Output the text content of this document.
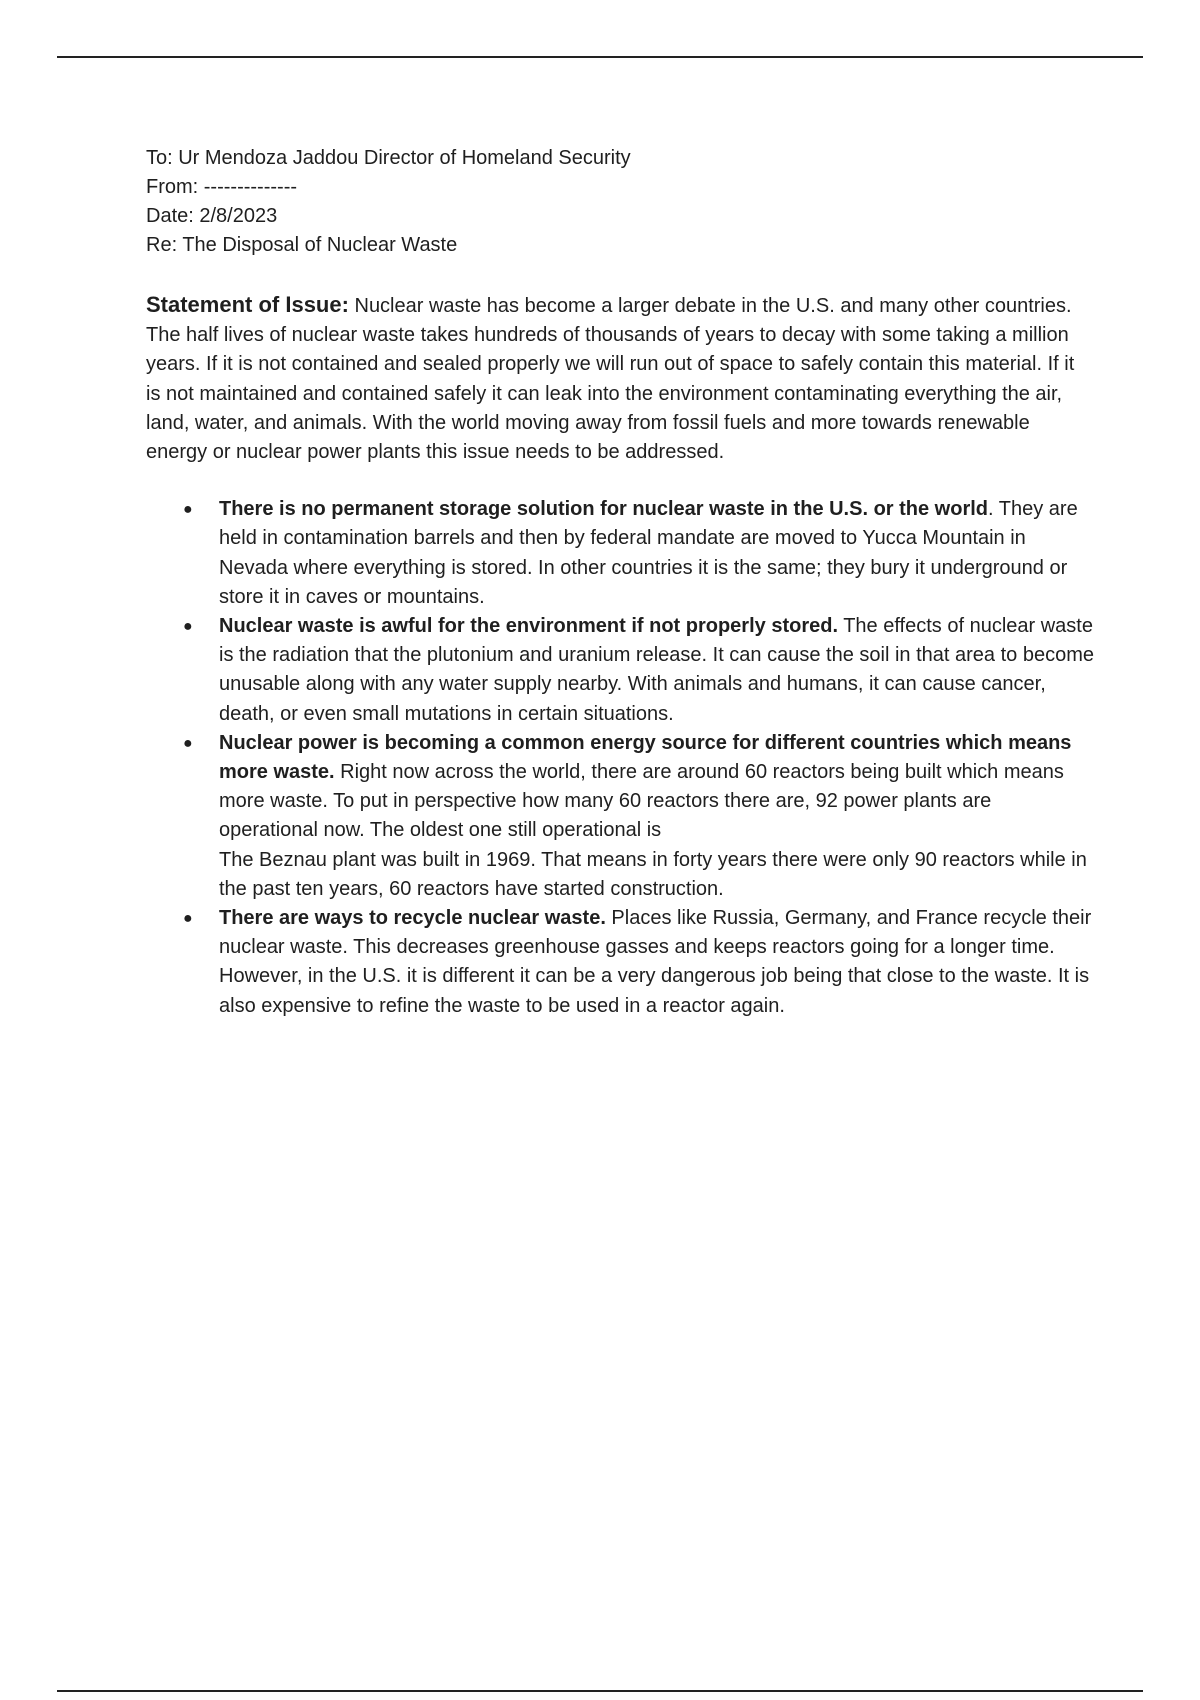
To: Ur Mendoza Jaddou Director of Homeland Security

From: --------------

Date: 2/8/2023

Re: The Disposal of Nuclear Waste

Statement of Issue: Nuclear waste has become a larger debate in the U.S. and many other countries. The half lives of nuclear waste takes hundreds of thousands of years to decay with some taking a million years. If it is not contained and sealed properly we will run out of space to safely contain this material. If it is not maintained and contained safely it can leak into the environment contaminating everything the air, land, water, and animals. With the world moving away from fossil fuels and more towards renewable energy or nuclear power plants this issue needs to be addressed.

● There is no permanent storage solution for nuclear waste in the U.S. or the world. They are held in contamination barrels and then by federal mandate are moved to Yucca Mountain in Nevada where everything is stored. In other countries it is the same; they bury it underground or store it in caves or mountains.
● Nuclear waste is awful for the environment if not properly stored. The effects of nuclear waste is the radiation that the plutonium and uranium release. It can cause the soil in that area to become unusable along with any water supply nearby. With animals and humans, it can cause cancer, death, or even small mutations in certain situations.
● Nuclear power is becoming a common energy source for different countries which means more waste. Right now across the world, there are around 60 reactors being built which means more waste. To put in perspective how many 60 reactors there are, 92 power plants are operational now. The oldest one still operational is
The Beznau plant was built in 1969. That means in forty years there were only 90 reactors while in the past ten years, 60 reactors have started construction.
● There are ways to recycle nuclear waste. Places like Russia, Germany, and France recycle their nuclear waste. This decreases greenhouse gasses and keeps reactors going for a longer time. However, in the U.S. it is different it can be a very dangerous job being that close to the waste. It is also expensive to refine the waste to be used in a reactor again.
